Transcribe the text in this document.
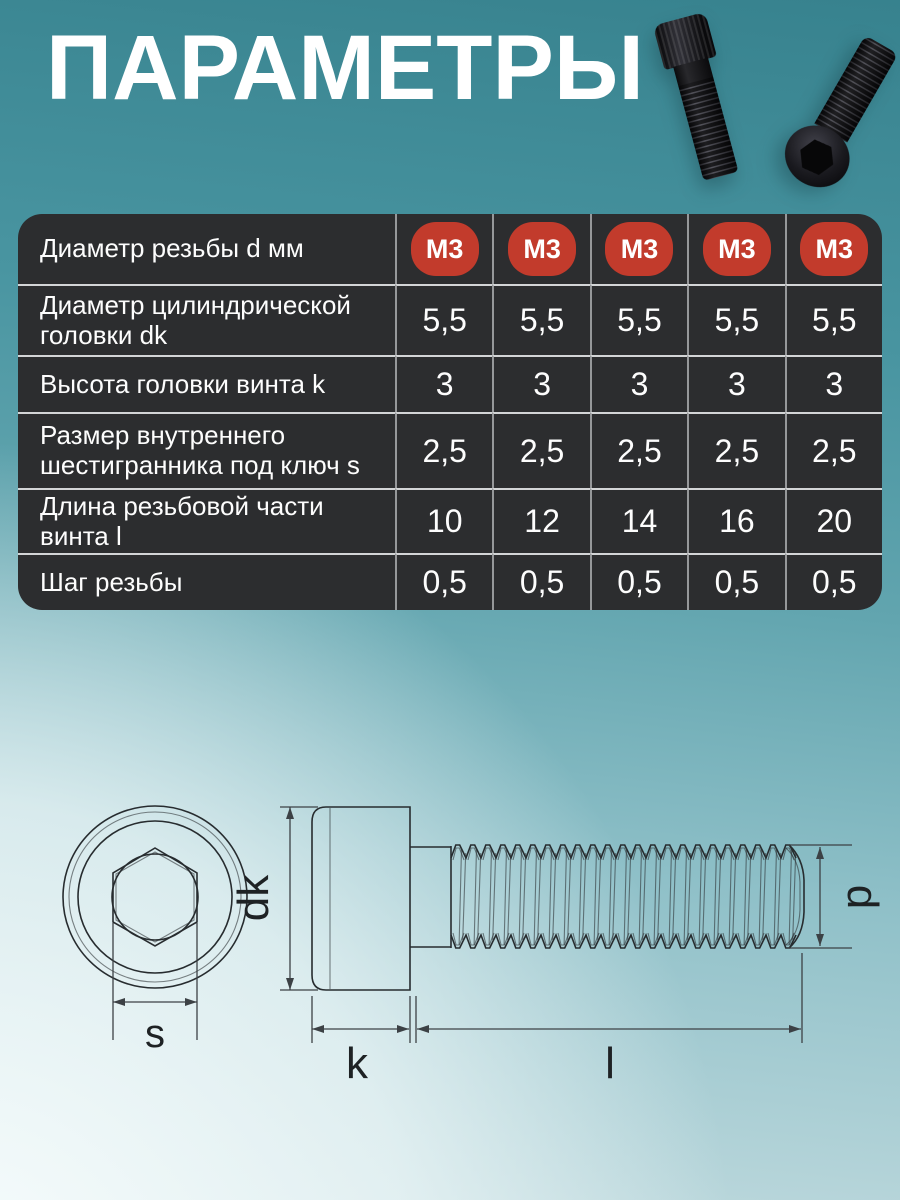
ПАРАМЕТРЫ
Диаметр резьбы d мм	М3	М3	М3	М3	М3
Диаметр цилиндрической головки dk	5,5	5,5	5,5	5,5	5,5
Высота головки винта k	3	3	3	3	3
Размер внутреннего шестигранника под ключ s	2,5	2,5	2,5	2,5	2,5
Длина резьбовой части винта l	10	12	14	16	20
Шаг резьбы	0,5	0,5	0,5	0,5	0,5
dk
s
k	l
d
